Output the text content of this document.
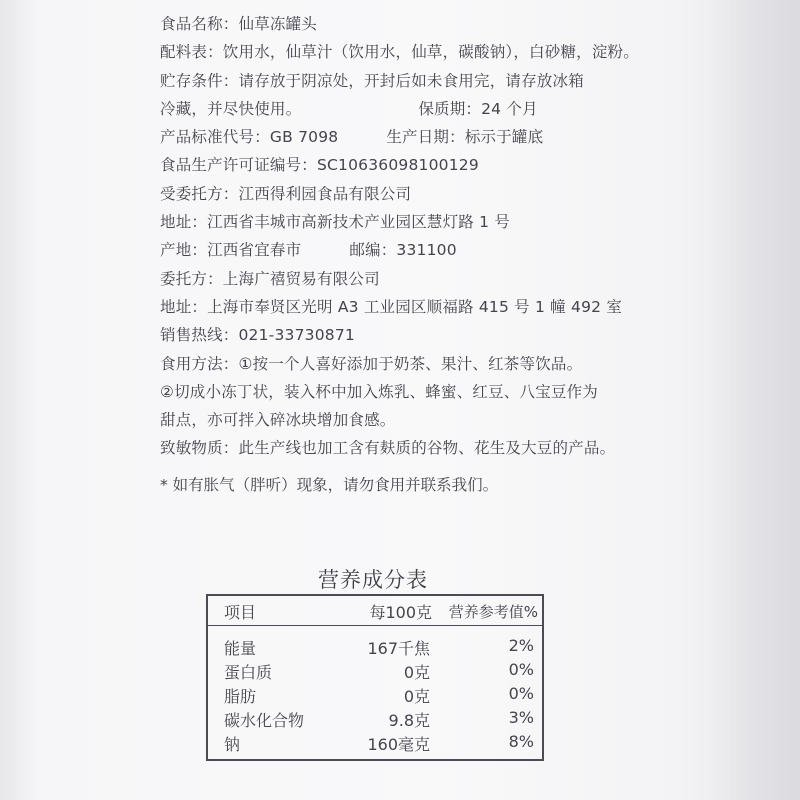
食品名称：仙草冻罐头
配料表：饮用水，仙草汁（饮用水，仙草，碳酸钠），白砂糖，淀粉。
贮存条件：请存放于阴凉处，开封后如未食用完，请存放冰箱
冷藏，并尽快使用。	保质期：24 个月
产品标准代号：GB 7098	生产日期：标示于罐底
食品生产许可证编号：SC10636098100129
受委托方：江西得利园食品有限公司
地址：江西省丰城市高新技术产业园区慧灯路 1 号
产地：江西省宜春市	邮编：331100
委托方：上海广禧贸易有限公司
地址：上海市奉贤区光明 A3 工业园区顺福路 415 号 1 幢 492 室
销售热线：021-33730871
食用方法：①按一个人喜好添加于奶茶、果汁、红茶等饮品。
②切成小冻丁状，装入杯中加入炼乳、蜂蜜、红豆、八宝豆作为
甜点，亦可拌入碎冰块增加食感。
致敏物质：此生产线也加工含有麸质的谷物、花生及大豆的产品。
* 如有胀气（胖听）现象，请勿食用并联系我们。
营养成分表
项目	每100克 营养参考值%
能量	167千焦	2%
蛋白质	0克	0%
脂肪	0克	0%
碳水化合物	9.8克	3%
钠	160毫克	8%
